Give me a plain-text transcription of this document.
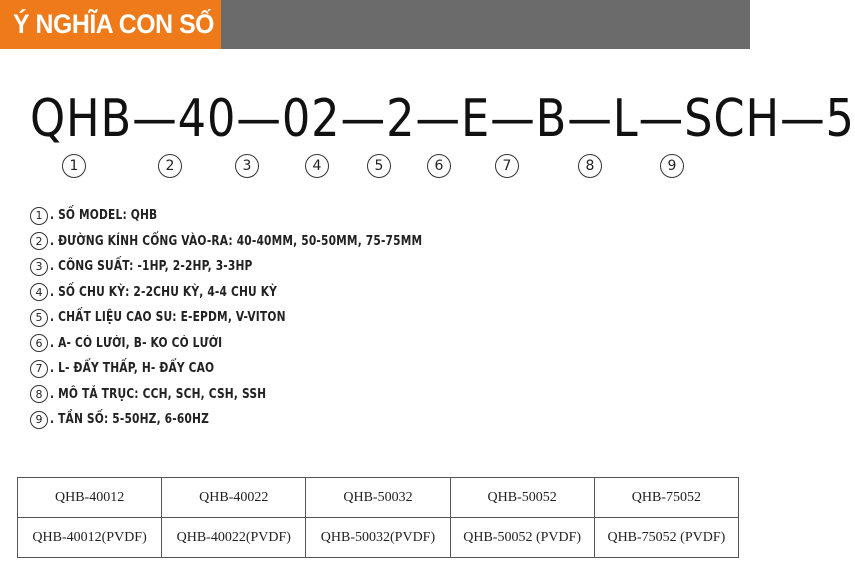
Ý NGHĨA CON SỐ
QHB—40—02—2—E—B—L—SCH—5
1	2	3	4	5	6	7	8	9
1 . SỐ MODEL: QHB
2 . ĐƯỜNG KÍNH CỔNG VÀO-RA: 40-40MM, 50-50MM, 75-75MM
3 . CÔNG SUẤT: -1HP, 2-2HP, 3-3HP
4 . SỐ CHU KỲ: 2-2CHU KỲ, 4-4 CHU KỲ
5 . CHẤT LIỆU CAO SU: E-EPDM, V-VITON
6 . A- CÓ LƯỚI, B- KO CÓ LƯỚI
7 . L- ĐẨY THẤP, H- ĐẨY CAO
8 . MÔ TẢ TRỤC: CCH, SCH, CSH, SSH
9 . TẦN SỐ: 5-50HZ, 6-60HZ
QHB-40012	QHB-40022	QHB-50032	QHB-50052	QHB-75052
QHB-40012(PVDF)	QHB-40022(PVDF)	QHB-50032(PVDF)	QHB-50052 (PVDF)	QHB-75052 (PVDF)
